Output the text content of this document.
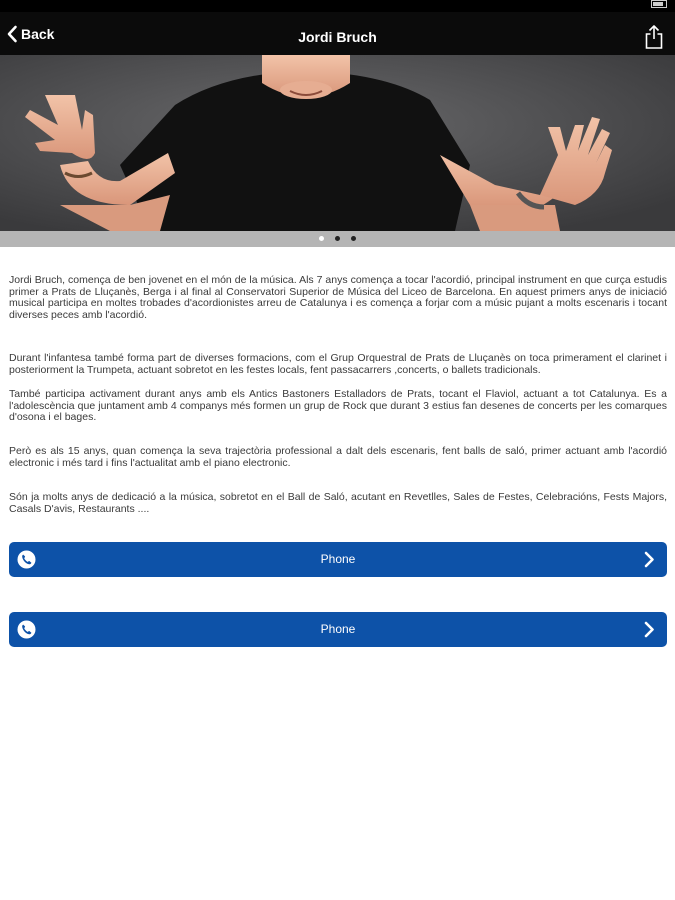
Back	Jordi Bruch

Jordi Bruch, comença de ben jovenet en el món de la música. Als 7 anys comença a tocar l'acordió, principal instrument en que curça estudis primer a Prats de Lluçanès, Berga i al final al Conservatori Superior de Música del Liceo de Barcelona. En aquest primers anys de iniciació musical participa en moltes trobades d'acordionistes arreu de Catalunya i es comença a forjar com a músic pujant a molts escenaris i tocant diverses peces amb l'acordió.

Durant l'infantesa també forma part de diverses formacions, com el Grup Orquestral de Prats de Lluçanès on toca primerament el clarinet i posteriorment la Trumpeta, actuant sobretot en les festes locals, fent passacarrers ,concerts, o ballets tradicionals.

També participa activament durant anys amb els Antics Bastoners Estalladors de Prats, tocant el Flaviol, actuant a tot Catalunya. Es a l'adolescència que juntament amb 4 companys més formen un grup de Rock que durant 3 estius fan desenes de concerts per les comarques d'osona i el bages.

Però es als 15 anys, quan comença la seva trajectòria professional a dalt dels escenaris, fent balls de saló, primer actuant amb l'acordió electronic i més tard i fins l'actualitat amb el piano electronic.

Són ja molts anys de dedicació a la música, sobretot en el Ball de Saló, acutant en Revetlles, Sales de Festes, Celebracións, Fests Majors, Casals D'avis, Restaurants ....

Phone
Phone
